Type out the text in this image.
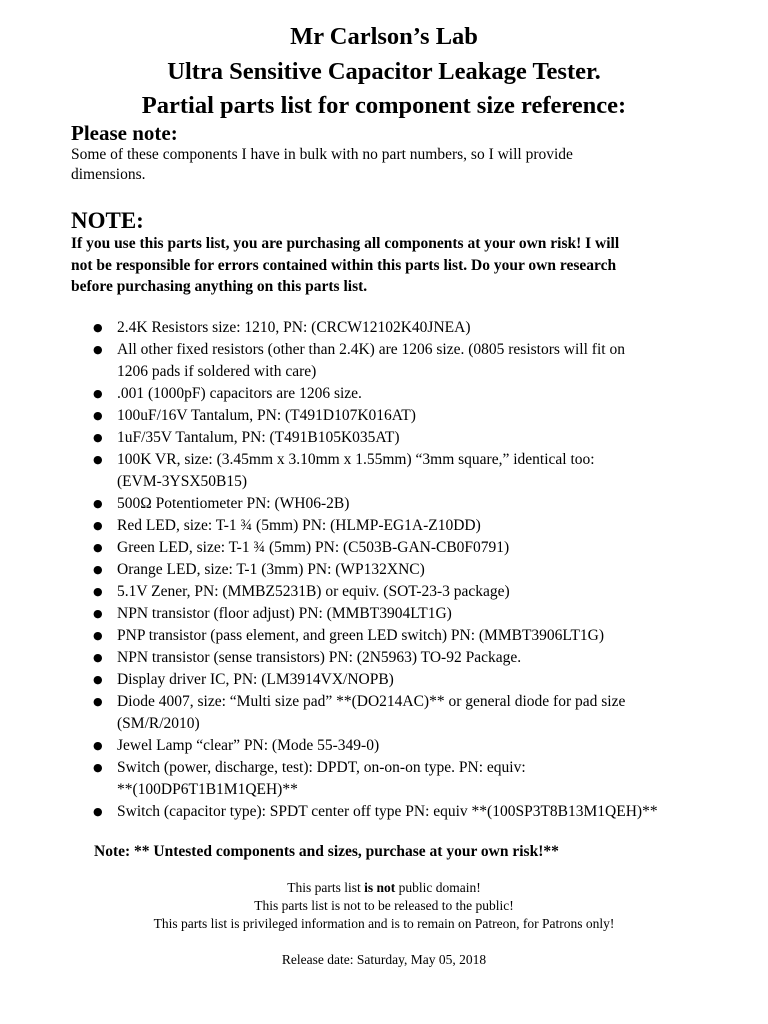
Mr Carlson’s Lab
Ultra Sensitive Capacitor Leakage Tester.
Partial parts list for component size reference:
Please note:
Some of these components I have in bulk with no part numbers, so I will provide
dimensions.
NOTE:
If you use this parts list, you are purchasing all components at your own risk! I will
not be responsible for errors contained within this parts list. Do your own research
before purchasing anything on this parts list.
● 2.4K Resistors size: 1210, PN: (CRCW12102K40JNEA)
● All other fixed resistors (other than 2.4K) are 1206 size. (0805 resistors will fit on
1206 pads if soldered with care)
● .001 (1000pF) capacitors are 1206 size.
● 100uF/16V Tantalum, PN: (T491D107K016AT)
● 1uF/35V Tantalum, PN: (T491B105K035AT)
● 100K VR, size: (3.45mm x 3.10mm x 1.55mm) “3mm square,” identical too:
(EVM-3YSX50B15)
● 500Ω Potentiometer PN: (WH06-2B)
● Red LED, size: T-1 ¾ (5mm) PN: (HLMP-EG1A-Z10DD)
● Green LED, size: T-1 ¾ (5mm) PN: (C503B-GAN-CB0F0791)
● Orange LED, size: T-1 (3mm) PN: (WP132XNC)
● 5.1V Zener, PN: (MMBZ5231B) or equiv. (SOT-23-3 package)
● NPN transistor (floor adjust) PN: (MMBT3904LT1G)
● PNP transistor (pass element, and green LED switch) PN: (MMBT3906LT1G)
● NPN transistor (sense transistors) PN: (2N5963) TO-92 Package.
● Display driver IC, PN: (LM3914VX/NOPB)
● Diode 4007, size: “Multi size pad” **(DO214AC)** or general diode for pad size
(SM/R/2010)
● Jewel Lamp “clear” PN: (Mode 55-349-0)
● Switch (power, discharge, test): DPDT, on-on-on type. PN: equiv:
**(100DP6T1B1M1QEH)**
● Switch (capacitor type): SPDT center off type PN: equiv **(100SP3T8B13M1QEH)**
Note: ** Untested components and sizes, purchase at your own risk!**
This parts list is not public domain!
This parts list is not to be released to the public!
This parts list is privileged information and is to remain on Patreon, for Patrons only!
Release date: Saturday, May 05, 2018
